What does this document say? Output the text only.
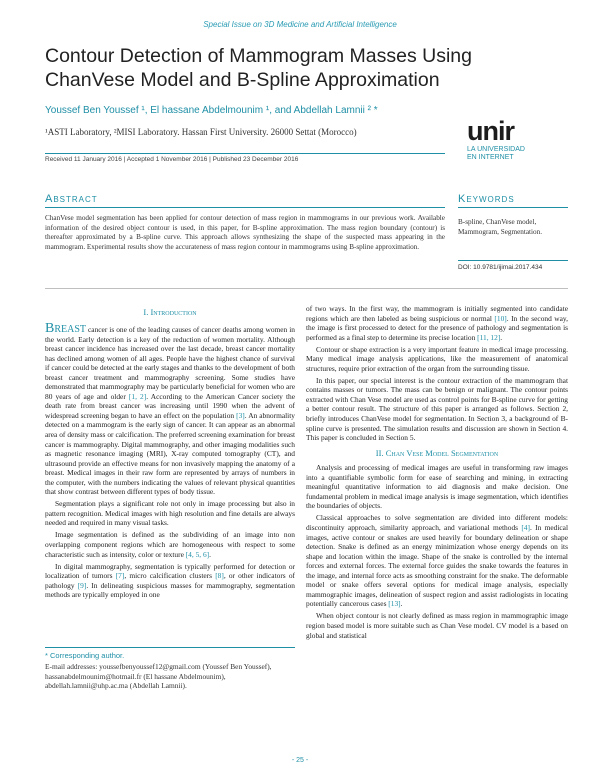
Special Issue on 3D Medicine and Artificial Intelligence
Contour Detection of Mammogram Masses Using ChanVese Model and B-Spline Approximation
Youssef Ben Youssef ¹, El hassane Abdelmounim ¹, and Abdellah Lamnii ² *
¹ASTI Laboratory, ²MISI Laboratory. Hassan First University. 26000 Settat (Morocco)
Received 11 January 2016 | Accepted 1 November 2016 | Published 23 December 2016
unir
LA UNIVERSIDAD
EN INTERNET
Abstract	Keywords
ChanVese model segmentation has been applied for contour detection of mass region in mammograms in our previous work. Available information of the desired object contour is used, in this paper, for B-spline approximation. The mass region boundary (contour) is thereafter approximated by a B-spline curve. This approach allows synthesizing the shape of the suspected mass appearing in the mammogram. Experimental results show the accurateness of mass region contour in mammograms using B-spline approximation.
B-spline, ChanVese model, Mammogram, Segmentation.
DOI: 10.9781/ijimai.2017.434
I. Introduction

Breast cancer is one of the leading causes of cancer deaths among women in the world. Early detection is a key of the reduction of women mortality. Although breast cancer incidence has increased over the last decade, breast cancer mortality has declined among women of all ages. People have the highest chance of survival if cancer could be detected at the early stages and thanks to the development of both breast cancer treatment and mammography screening. Some studies have demonstrated that mammography may be particularly beneficial for women who are 80 years of age and older [1, 2]. According to the American Cancer society the death rate from breast cancer was increasing until 1990 when the advent of widespread screening began to have an effect on the population [3]. An abnormality detected on a mammogram is the early sign of cancer. It can appear as an abnormal area of density mass or calcification. The preferred screening examination for breast cancer is mammography. Digital mammography, and other imaging modalities such as magnetic resonance imaging (MRI), X-ray computed tomography (CT), and ultrasound provide an effective means for non invasively mapping the anatomy of a breast. Medical images in their raw form are represented by arrays of numbers in the computer, with the numbers indicating the values of relevant physical quantities that show contrast between different types of body tissue.

Segmentation plays a significant role not only in image processing but also in pattern recognition. Medical images with high resolution and fine details are always needed and required in many visual tasks.

Image segmentation is defined as the subdividing of an image into non overlapping component regions which are homogeneous with respect to some characteristic such as intensity, color or texture [4, 5, 6].

In digital mammography, segmentation is typically performed for detection or localization of tumors [7], micro calcification clusters [8], or other indicators of pathology [9]. In delineating suspicious masses for mammography, segmentation methods are typically employed in one

* Corresponding author.
E-mail addresses: youssefbenyoussef12@gmail.com (Youssef Ben Youssef), hassanabdelmounim@hotmail.fr (El hassane Abdelmounim), abdellah.lamnii@uhp.ac.ma (Abdellah Lamnii).

of two ways. In the first way, the mammogram is initially segmented into candidate regions which are then labeled as being suspicious or normal [10]. In the second way, the image is first processed to detect for the presence of pathology and segmentation is performed as a final step to determine its precise location [11, 12].

Contour or shape extraction is a very important feature in medical image processing. Many medical image analysis applications, like the measurement of anatomical structures, require prior extraction of the organ from the surrounding tissue.

In this paper, our special interest is the contour extraction of the mammogram that contains masses or tumors. The mass can be benign or malignant. The contour points extracted with Chan Vese model are used as control points for B-spline curve for getting a better contour result. The structure of this paper is arranged as follows. Section 2, briefly introduces ChanVese model for segmentation. In Section 3, a background of B-spline curve is presented. The simulation results and discussion are shown in Section 4. This paper is concluded in Section 5.

II. Chan Vese Model Segmentation

Analysis and processing of medical images are useful in transforming raw images into a quantifiable symbolic form for ease of searching and mining, in extracting meaningful quantitative information to aid diagnosis and make decision. One fundamental problem in medical image analysis is image segmentation, which identifies the boundaries of objects.

Classical approaches to solve segmentation are divided into different models: discontinuity approach, similarity approach, and variational methods [4]. In medical images, active contour or snakes are used heavily for boundary delineation or shape detection. Snake is defined as an energy minimization whose energy depends on its shape and location within the image. Shape of the snake is controlled by the internal forces and external forces. The external force guides the snake towards the features in the image, and internal force acts as smoothing constraint for the snake. The deformable model or snake offers several options for medical image analysis, especially mammographic images, delineation of suspect region and assist radiologists in locating potentially cancerous cases [13].

When object contour is not clearly defined as mass region in mammographic image region based model is more suitable such as Chan Vese model. CV model is a based on global and statistical

- 25 -
